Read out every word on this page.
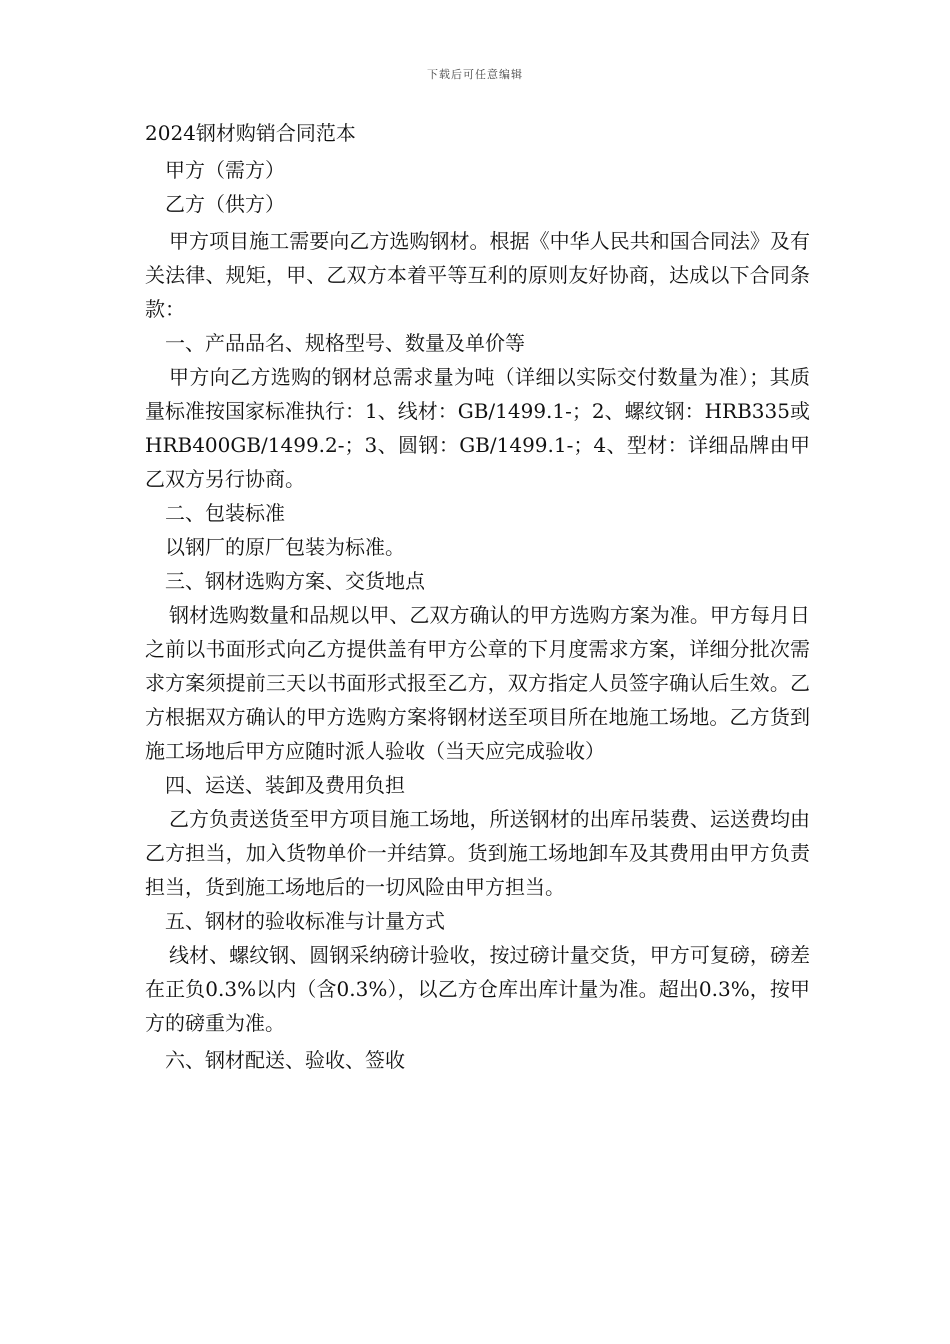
下载后可任意编辑

2024钢材购销合同范本

甲方（需方）

乙方（供方）

甲方项目施工需要向乙方选购钢材。根据《中华人民共和国合同法》及有关法律、规矩，甲、乙双方本着平等互利的原则友好协商，达成以下合同条款：

一、产品品名、规格型号、数量及单价等

甲方向乙方选购的钢材总需求量为吨（详细以实际交付数量为准）；其质量标准按国家标准执行：1、线材：GB/1499.1-；2、螺纹钢：HRB335或HRB400GB/1499.2-；3、圆钢：GB/1499.1-；4、型材：详细品牌由甲乙双方另行协商。

二、包装标准

以钢厂的原厂包装为标准。

三、钢材选购方案、交货地点

钢材选购数量和品规以甲、乙双方确认的甲方选购方案为准。甲方每月日之前以书面形式向乙方提供盖有甲方公章的下月度需求方案，详细分批次需求方案须提前三天以书面形式报至乙方，双方指定人员签字确认后生效。乙方根据双方确认的甲方选购方案将钢材送至项目所在地施工场地。乙方货到施工场地后甲方应随时派人验收（当天应完成验收）

四、运送、装卸及费用负担

乙方负责送货至甲方项目施工场地，所送钢材的出库吊装费、运送费均由乙方担当，加入货物单价一并结算。货到施工场地卸车及其费用由甲方负责担当，货到施工场地后的一切风险由甲方担当。

五、钢材的验收标准与计量方式

线材、螺纹钢、圆钢采纳磅计验收，按过磅计量交货，甲方可复磅，磅差在正负0.3%以内（含0.3%），以乙方仓库出库计量为准。超出0.3%，按甲方的磅重为准。

六、钢材配送、验收、签收
